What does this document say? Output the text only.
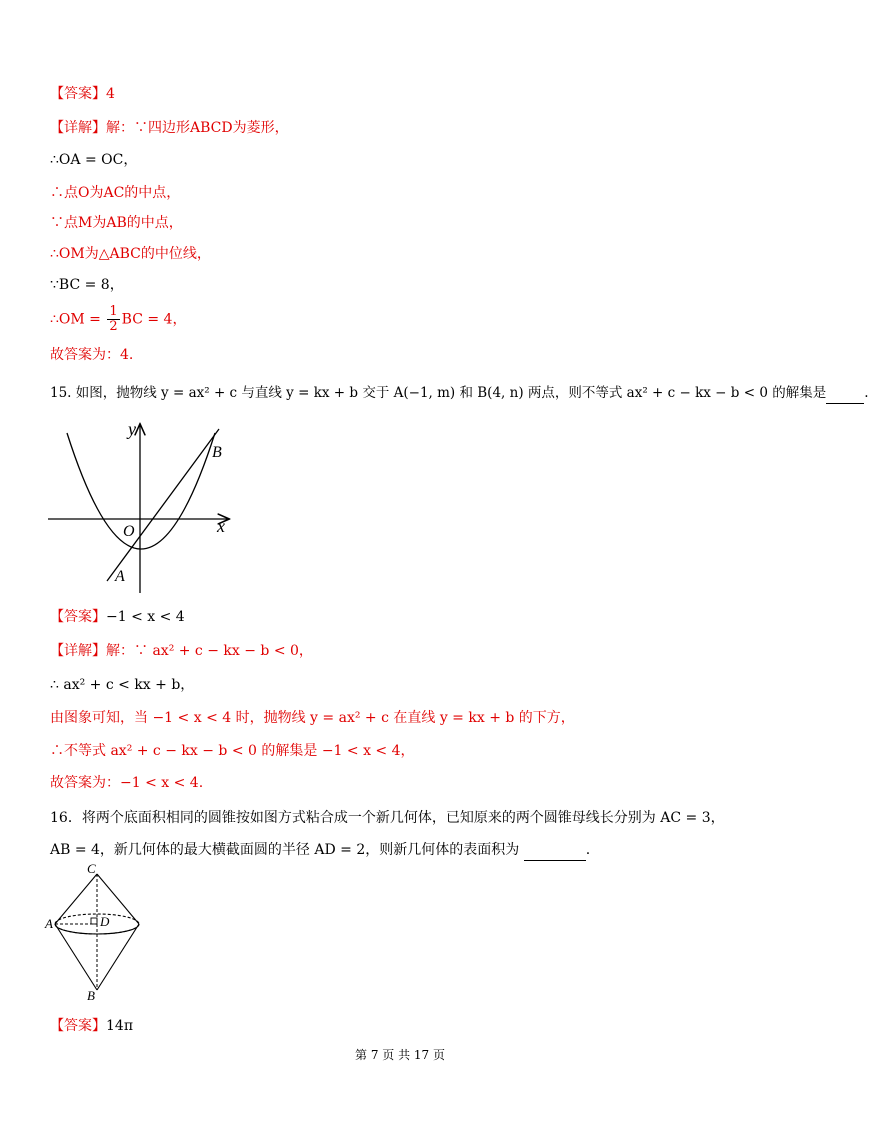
【答案】4
【详解】解：∵四边形ABCD为菱形，
∴OA = OC，
∴点O为AC的中点，
∵点M为AB的中点，
∴OM为△ABC的中位线，
∵BC = 8，
∴OM = $\frac{1}{2}$ BC = 4，
故答案为：4.
15. 如图，抛物线 y = ax² + c 与直线 y = kx + b 交于 A(−1, m) 和 B(4, n) 两点，则不等式 ax² + c − kx − b < 0 的解集是	.
y
x
O
A
B
【答案】−1 < x < 4
【详解】解：∵ ax² + c − kx − b < 0，
∴ ax² + c < kx + b，
由图象可知，当 −1 < x < 4 时，抛物线 y = ax² + c 在直线 y = kx + b 的下方，
∴不等式 ax² + c − kx − b < 0 的解集是 −1 < x < 4，
故答案为：−1 < x < 4.
16．将两个底面积相同的圆锥按如图方式粘合成一个新几何体，已知原来的两个圆锥母线长分别为 AC = 3，
AB = 4，新几何体的最大横截面圆的半径 AD = 2，则新几何体的表面积为	.
C
A	D
B
【答案】14π
第 7 页 共 17 页
